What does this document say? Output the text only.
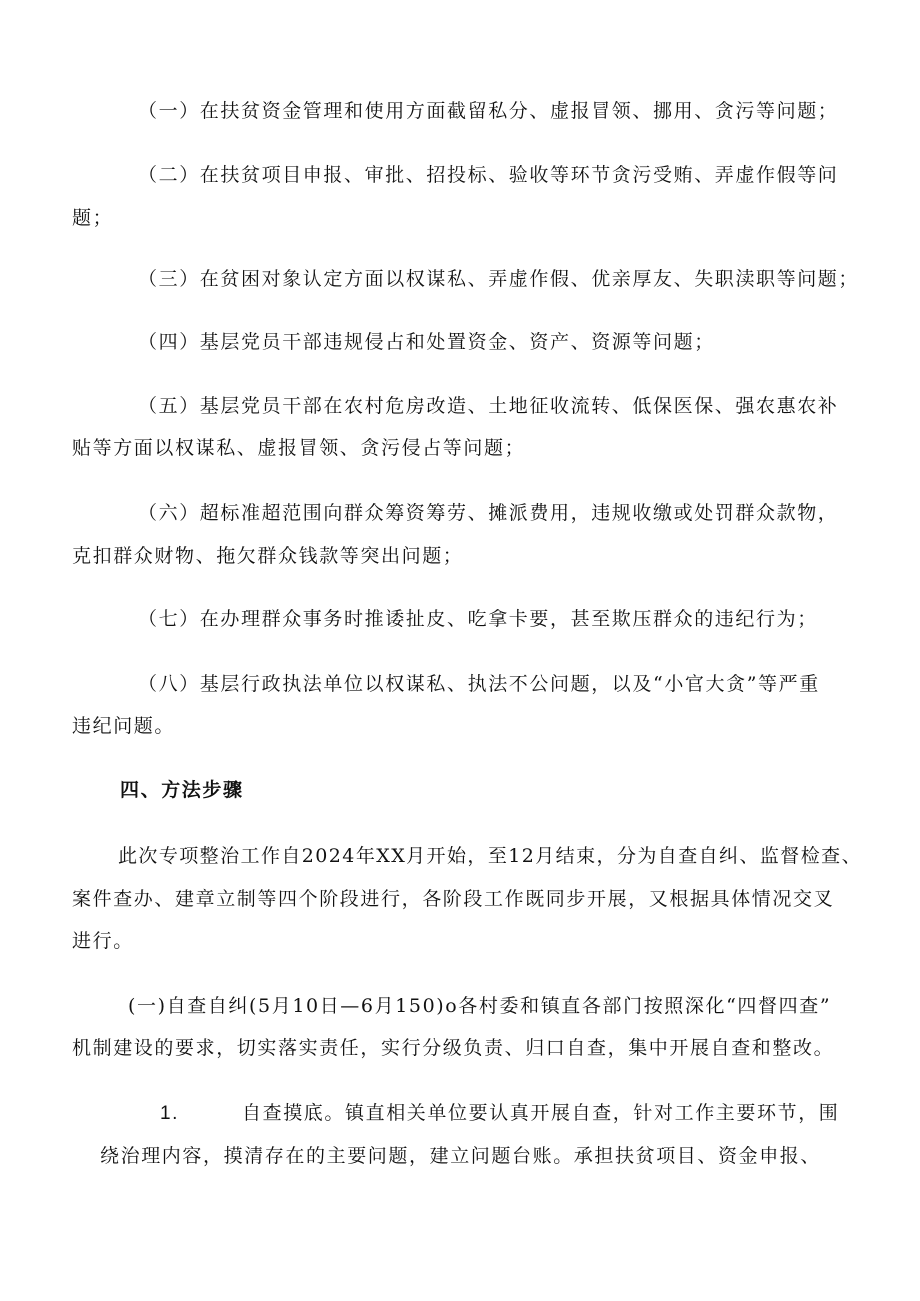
（一）在扶贫资金管理和使用方面截留私分、虚报冒领、挪用、贪污等问题；
（二）在扶贫项目申报、审批、招投标、验收等环节贪污受贿、弄虚作假等问
题；
（三）在贫困对象认定方面以权谋私、弄虚作假、优亲厚友、失职渎职等问题；
（四）基层党员干部违规侵占和处置资金、资产、资源等问题；
（五）基层党员干部在农村危房改造、土地征收流转、低保医保、强农惠农补
贴等方面以权谋私、虚报冒领、贪污侵占等问题；
（六）超标准超范围向群众筹资筹劳、摊派费用，违规收缴或处罚群众款物，
克扣群众财物、拖欠群众钱款等突出问题；
（七）在办理群众事务时推诿扯皮、吃拿卡要，甚至欺压群众的违纪行为；
（八）基层行政执法单位以权谋私、执法不公问题，以及“小官大贪”等严重
违纪问题。
四、方法步骤
此次专项整治工作自2024年XX月开始，至12月结束，分为自查自纠、监督检查、
案件查办、建章立制等四个阶段进行，各阶段工作既同步开展，又根据具体情况交叉
进行。
(一)自查自纠(5月10日—6月150)o各村委和镇直各部门按照深化“四督四查”
机制建设的要求，切实落实责任，实行分级负责、归口自查，集中开展自查和整改。
1.	自查摸底。镇直相关单位要认真开展自查，针对工作主要环节，围
绕治理内容，摸清存在的主要问题，建立问题台账。承担扶贫项目、资金申报、
